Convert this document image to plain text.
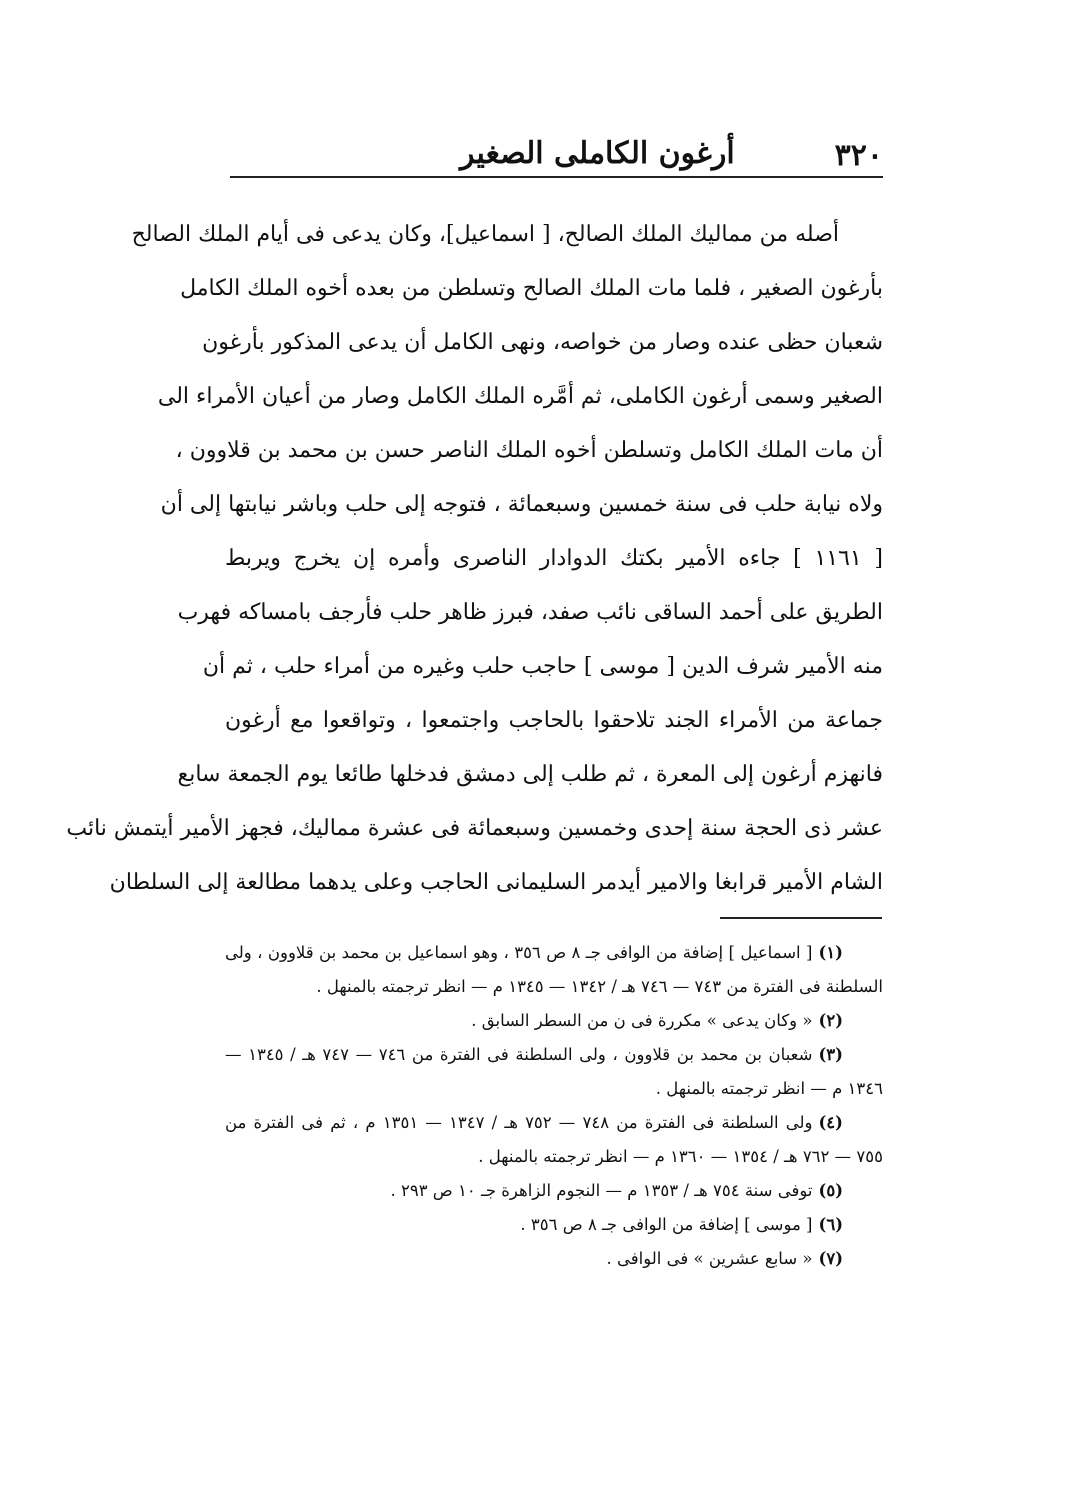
٣٢٠
أرغون الكاملى الصغير
أصله من مماليك الملك الصالح، [ اسماعيل]، وكان يدعى فى أيام الملك الصالح
بأرغون الصغير ، فلما مات الملك الصالح وتسلطن من بعده أخوه الملك الكامل
شعبان حظى عنده وصار من خواصه، ونهى الكامل أن يدعى المذكور بأرغون
الصغير وسمى أرغون الكاملى، ثم أمَّره الملك الكامل وصار من أعيان الأمراء الى
أن مات الملك الكامل وتسلطن أخوه الملك الناصر حسن بن محمد بن قلاوون ،
ولاه نيابة حلب فى سنة خمسين وسبعمائة ، فتوجه إلى حلب وباشر نيابتها إلى أن
[ ١١٦١ ] جاءه الأمير بكتك الدوادار الناصرى وأمره إن يخرج ويربط
الطريق على أحمد الساقى نائب صفد، فبرز ظاهر حلب فأرجف بامساكه فهرب
منه الأمير شرف الدين [ موسى ] حاجب حلب وغيره من أمراء حلب ، ثم أن
جماعة من الأمراء الجند تلاحقوا بالحاجب واجتمعوا ، وتواقعوا مع أرغون
فانهزم أرغون إلى المعرة ، ثم طلب إلى دمشق فدخلها طائعا يوم الجمعة سابع
عشر ذى الحجة سنة إحدى وخمسين وسبعمائة فى عشرة مماليك، فجهز الأمير أيتمش نائب
الشام الأمير قرابغا والامير أيدمر السليمانى الحاجب وعلى يدهما مطالعة إلى السلطان
(١)[ اسماعيل ] إضافة من الوافى جـ ٨ ص ٣٥٦ ، وهو اسماعيل بن محمد بن قلاوون ، ولى
السلطنة فى الفترة من ٧٤٣ — ٧٤٦ هـ / ١٣٤٢ — ١٣٤٥ م — انظر ترجمته بالمنهل .
(٢)« وكان يدعى » مكررة فى ن من السطر السابق .
(٣)شعبان بن محمد بن قلاوون ، ولى السلطنة فى الفترة من ٧٤٦ — ٧٤٧ هـ / ١٣٤٥ —
١٣٤٦ م — انظر ترجمته بالمنهل .
(٤)ولى السلطنة فى الفترة من ٧٤٨ — ٧٥٢ هـ / ١٣٤٧ — ١٣٥١ م ، ثم فى الفترة من
٧٥٥ — ٧٦٢ هـ / ١٣٥٤ — ١٣٦٠ م — انظر ترجمته بالمنهل .
(٥)توفى سنة ٧٥٤ هـ / ١٣٥٣ م — النجوم الزاهرة جـ ١٠ ص ٢٩٣ .
(٦)[ موسى ] إضافة من الوافى جـ ٨ ص ٣٥٦ .
(٧)« سابع عشرين » فى الوافى .
